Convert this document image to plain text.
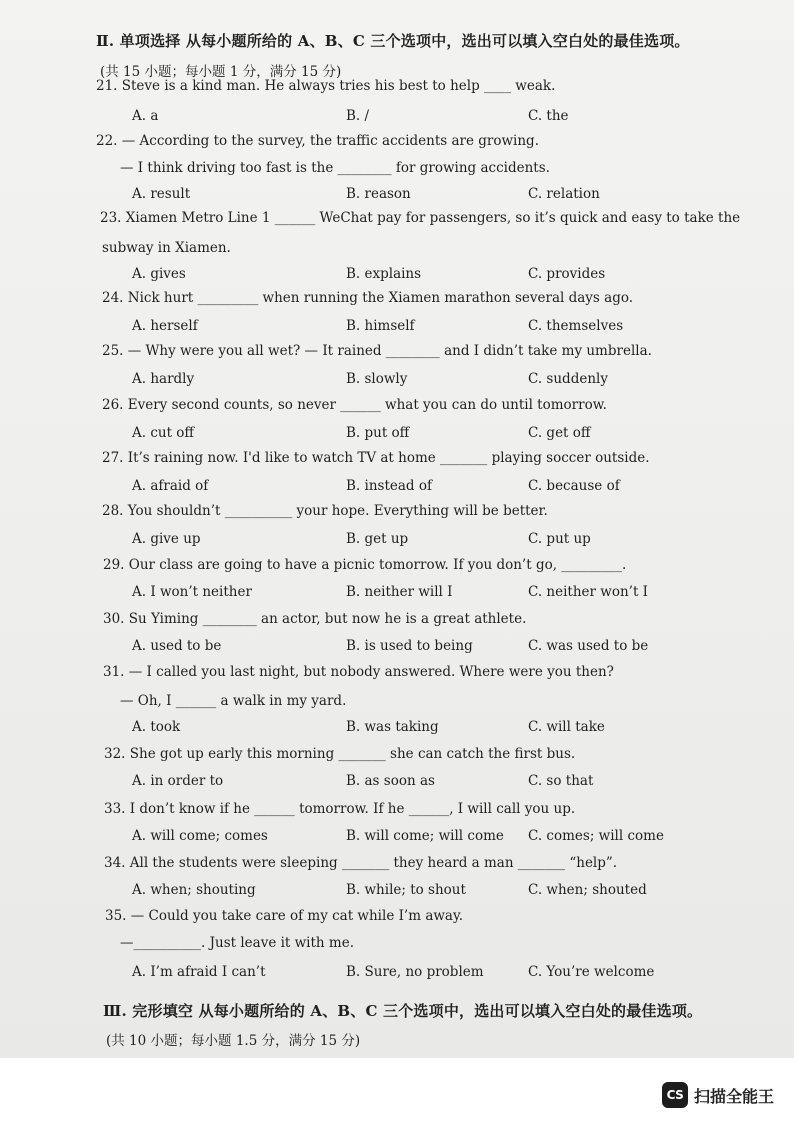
Ⅱ. 单项选择 从每小题所给的 A、B、C 三个选项中，选出可以填入空白处的最佳选项。
(共 15 小题；每小题 1 分，满分 15 分)
21. Steve is a kind man. He always tries his best to help ____ weak.
A. a	B. /	C. the
22. — According to the survey, the traffic accidents are growing.
— I think driving too fast is the ________ for growing accidents.
A. result	B. reason	C. relation
23. Xiamen Metro Line 1 ______ WeChat pay for passengers, so it’s quick and easy to take the
subway in Xiamen.
A. gives	B. explains	C. provides
24. Nick hurt _________ when running the Xiamen marathon several days ago.
A. herself	B. himself	C. themselves
25. — Why were you all wet? — It rained ________ and I didn’t take my umbrella.
A. hardly	B. slowly	C. suddenly
26. Every second counts, so never ______ what you can do until tomorrow.
A. cut off	B. put off	C. get off
27. It’s raining now. I'd like to watch TV at home _______ playing soccer outside.
A. afraid of	B. instead of	C. because of
28. You shouldn’t __________ your hope. Everything will be better.
A. give up	B. get up	C. put up
29. Our class are going to have a picnic tomorrow. If you don’t go, _________.
A. I won’t neither	B. neither will I	C. neither won’t I
30. Su Yiming ________ an actor, but now he is a great athlete.
A. used to be	B. is used to being	C. was used to be
31. — I called you last night, but nobody answered. Where were you then?
— Oh, I ______ a walk in my yard.
A. took	B. was taking	C. will take
32. She got up early this morning _______ she can catch the first bus.
A. in order to	B. as soon as	C. so that
33. I don’t know if he ______ tomorrow. If he ______, I will call you up.
A. will come; comes	B. will come; will come C. comes; will come
34. All the students were sleeping _______ they heard a man _______ “help”.
A. when; shouting	B. while; to shout	C. when; shouted
35. — Could you take care of my cat while I’m away.
—__________. Just leave it with me.
A. I’m afraid I can’t	B. Sure, no problem	C. You’re welcome
Ⅲ. 完形填空 从每小题所给的 A、B、C 三个选项中，选出可以填入空白处的最佳选项。
(共 10 小题；每小题 1.5 分，满分 15 分)
CS 扫描全能王
